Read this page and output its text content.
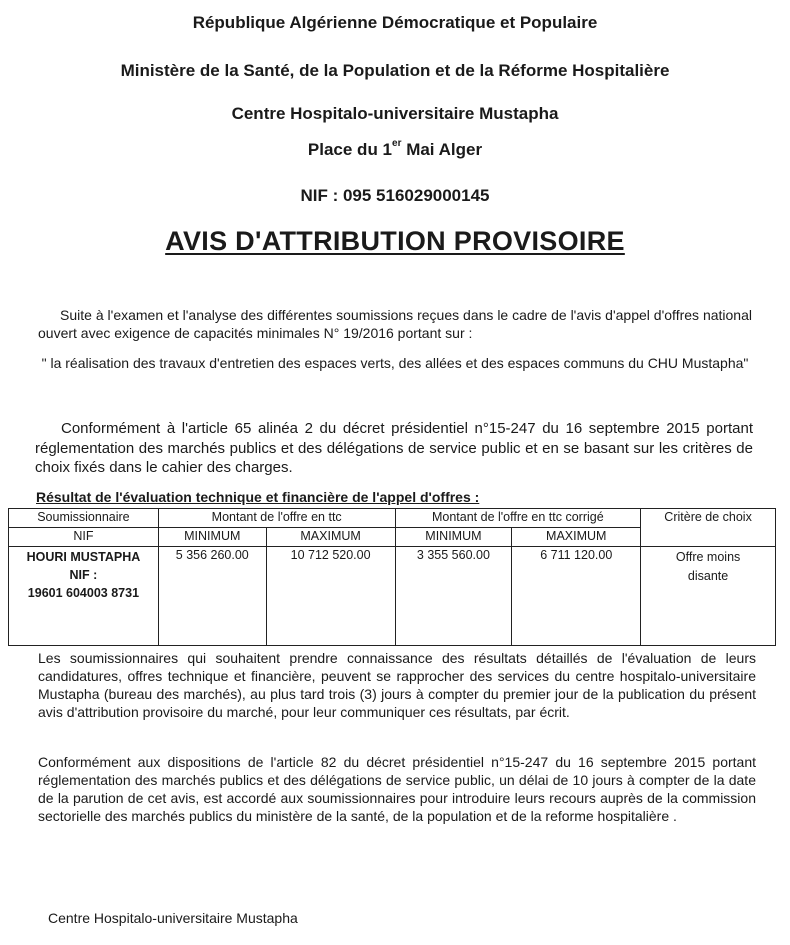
République Algérienne Démocratique et Populaire
Ministère de la Santé, de la Population et de la Réforme Hospitalière
Centre Hospitalo-universitaire Mustapha
Place du 1er Mai Alger
NIF : 095 516029000145
AVIS D'ATTRIBUTION PROVISOIRE
Suite à l'examen et l'analyse des différentes soumissions reçues dans le cadre de l'avis d'appel d'offres national ouvert avec exigence de capacités minimales N° 19/2016 portant sur :
" la réalisation des travaux d'entretien des espaces verts, des allées et des espaces communs du CHU Mustapha"
Conformément à l'article 65 alinéa 2 du décret présidentiel n°15-247 du 16 septembre 2015 portant réglementation des marchés publics et des délégations de service public et en se basant sur les critères de choix fixés dans le cahier des charges.
Résultat de l'évaluation technique et financière de l'appel d'offres :
Soumissionnaire	Montant de l'offre en ttc		Montant de l'offre en ttc corrigé		Critère de choix
NIF	MINIMUM	MAXIMUM	MINIMUM	MAXIMUM	

HOURI MUSTAPHA
NIF :
19601 604003 8731	5 356 260.00	10 712 520.00	3 355 560.00	6 711 120.00	Offre moins disante
Les soumissionnaires qui souhaitent prendre connaissance des résultats détaillés de l'évaluation de leurs candidatures, offres technique et financière, peuvent se rapprocher des services du centre hospitalo-universitaire Mustapha (bureau des marchés), au plus tard trois (3) jours à compter du premier jour de la publication du présent avis d'attribution provisoire du marché, pour leur communiquer ces résultats, par écrit.
Conformément aux dispositions de l'article 82 du décret présidentiel n°15-247 du 16 septembre 2015 portant réglementation des marchés publics et des délégations de service public, un délai de 10 jours à compter de la date de la parution de cet avis, est accordé aux soumissionnaires pour introduire leurs recours auprès de la commission sectorielle des marchés publics du ministère de la santé, de la population et de la reforme hospitalière .
Centre Hospitalo-universitaire Mustapha
